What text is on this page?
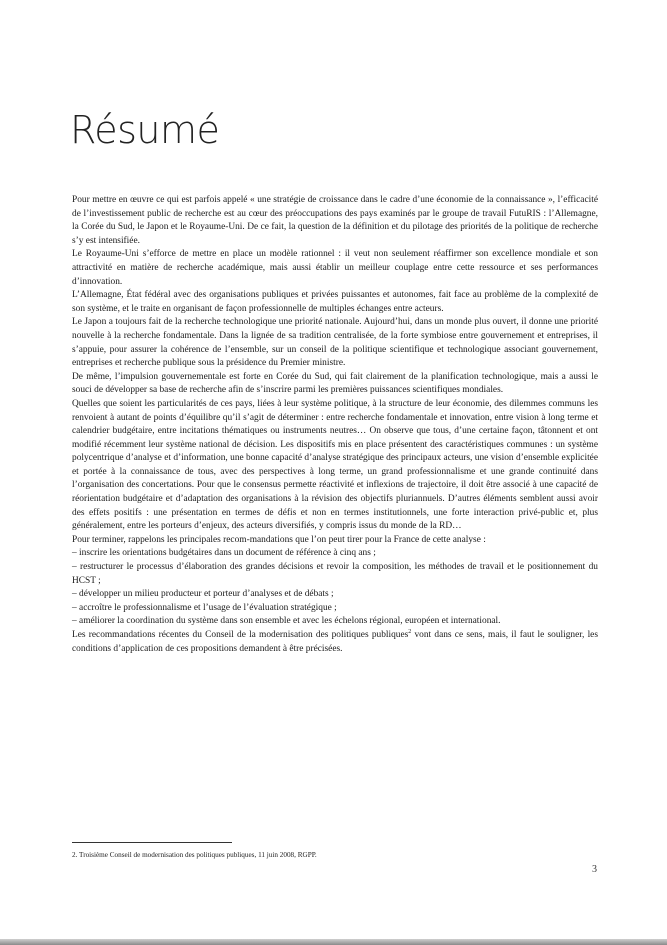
Résumé

Pour mettre en œuvre ce qui est parfois appelé « une stratégie de croissance dans le cadre d’une économie de la connaissance », l’efficacité de l’investissement public de recherche est au cœur des préoccupations des pays examinés par le groupe de travail FutuRIS : l’Allemagne, la Corée du Sud, le Japon et le Royaume-Uni. De ce fait, la question de la définition et du pilotage des priorités de la politique de recherche s’y est intensifiée.

Le Royaume-Uni s’efforce de mettre en place un modèle rationnel : il veut non seulement réaffirmer son excellence mondiale et son attractivité en matière de recherche académique, mais aussi établir un meilleur couplage entre cette ressource et ses performances d’innovation.

L’Allemagne, État fédéral avec des organisations publiques et privées puissantes et autonomes, fait face au problème de la complexité de son système, et le traite en organisant de façon professionnelle de multiples échanges entre acteurs.

Le Japon a toujours fait de la recherche technologique une priorité nationale. Aujourd’hui, dans un monde plus ouvert, il donne une priorité nouvelle à la recherche fondamentale. Dans la lignée de sa tradition centralisée, de la forte symbiose entre gouvernement et entreprises, il s’appuie, pour assurer la cohérence de l’ensemble, sur un conseil de la politique scientifique et technologique associant gouvernement, entreprises et recherche publique sous la présidence du Premier ministre.

De même, l’impulsion gouvernementale est forte en Corée du Sud, qui fait clairement de la planification technologique, mais a aussi le souci de développer sa base de recherche afin de s’inscrire parmi les premières puissances scientifiques mondiales.

Quelles que soient les particularités de ces pays, liées à leur système politique, à la structure de leur économie, des dilemmes communs les renvoient à autant de points d’équilibre qu’il s’agit de déterminer : entre recherche fondamentale et innovation, entre vision à long terme et calendrier budgétaire, entre incitations thématiques ou instruments neutres… On observe que tous, d’une certaine façon, tâtonnent et ont modifié récemment leur système national de décision. Les dispositifs mis en place présentent des caractéristiques communes : un système polycentrique d’analyse et d’information, une bonne capacité d’analyse stratégique des principaux acteurs, une vision d’ensemble explicitée et portée à la connaissance de tous, avec des perspectives à long terme, un grand professionnalisme et une grande continuité dans l’organisation des concertations. Pour que le consensus permette réactivité et inflexions de trajectoire, il doit être associé à une capacité de réorientation budgétaire et d’adaptation des organisations à la révision des objectifs pluriannuels. D’autres éléments semblent aussi avoir des effets positifs : une présentation en termes de défis et non en termes institutionnels, une forte interaction privé-public et, plus généralement, entre les porteurs d’enjeux, des acteurs diversifiés, y compris issus du monde de la RD…

Pour terminer, rappelons les principales recom-mandations que l’on peut tirer pour la France de cette analyse :

– inscrire les orientations budgétaires dans un document de référence à cinq ans ;

– restructurer le processus d’élaboration des grandes décisions et revoir la composition, les méthodes de travail et le positionnement du HCST ;

– développer un milieu producteur et porteur d’analyses et de débats ;

– accroître le professionnalisme et l’usage de l’évaluation stratégique ;

– améliorer la coordination du système dans son ensemble et avec les échelons régional, européen et international.

Les recommandations récentes du Conseil de la modernisation des politiques publiques$^2$ vont dans ce sens, mais, il faut le souligner, les conditions d’application de ces propositions demandent à être précisées.

2. Troisième Conseil de modernisation des politiques publiques, 11 juin 2008, RGPP.
3
